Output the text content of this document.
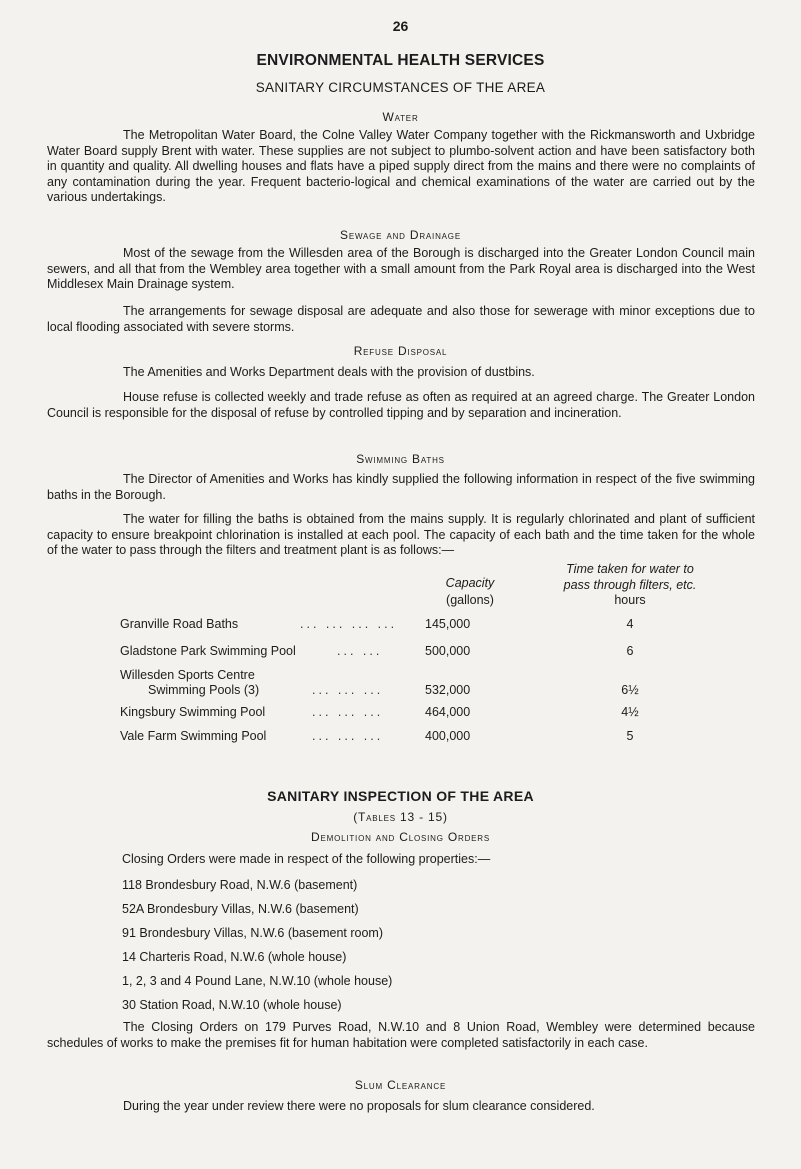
26
ENVIRONMENTAL HEALTH SERVICES
SANITARY CIRCUMSTANCES OF THE AREA
Water

The Metropolitan Water Board, the Colne Valley Water Company together with the Rickmansworth and Uxbridge Water Board supply Brent with water. These supplies are not subject to plumbo-solvent action and have been satisfactory both in quantity and quality. All dwelling houses and flats have a piped supply direct from the mains and there were no complaints of any contamination during the year. Frequent bacterio-logical and chemical examinations of the water are carried out by the various undertakings.

Sewage and Drainage

Most of the sewage from the Willesden area of the Borough is discharged into the Greater London Council main sewers, and all that from the Wembley area together with a small amount from the Park Royal area is discharged into the West Middlesex Main Drainage system.

The arrangements for sewage disposal are adequate and also those for sewerage with minor exceptions due to local flooding associated with severe storms.

Refuse Disposal

The Amenities and Works Department deals with the provision of dustbins.

House refuse is collected weekly and trade refuse as often as required at an agreed charge. The Greater London Council is responsible for the disposal of refuse by controlled tipping and by separation and incineration.

Swimming Baths

The Director of Amenities and Works has kindly supplied the following information in respect of the five swimming baths in the Borough.

The water for filling the baths is obtained from the mains supply. It is regularly chlorinated and plant of sufficient capacity to ensure breakpoint chlorination is installed at each pool. The capacity of each bath and the time taken for the whole of the water to pass through the filters and treatment plant is as follows:—

Capacity
(gallons)
Time taken for water to
pass through filters, etc.
hours
Granville Road Baths	... ... ... ... 145,000	4
Gladstone Park Swimming Pool	... ...	500,000	6
Willesden Sports Centre
Swimming Pools (3)	... ... ...	532,000	6½
Kingsbury Swimming Pool	... ... ...	464,000	4½
Vale Farm Swimming Pool	... ... ...	400,000	5
SANITARY INSPECTION OF THE AREA
(Tables 13 - 15)
Demolition and Closing Orders
Closing Orders were made in respect of the following properties:—
118 Brondesbury Road, N.W.6 (basement)
52A Brondesbury Villas, N.W.6 (basement)
91 Brondesbury Villas, N.W.6 (basement room)
14 Charteris Road, N.W.6 (whole house)
1, 2, 3 and 4 Pound Lane, N.W.10 (whole house)
30 Station Road, N.W.10 (whole house)

The Closing Orders on 179 Purves Road, N.W.10 and 8 Union Road, Wembley were determined because schedules of works to make the premises fit for human habitation were completed satisfactorily in each case.

Slum Clearance

During the year under review there were no proposals for slum clearance considered.
